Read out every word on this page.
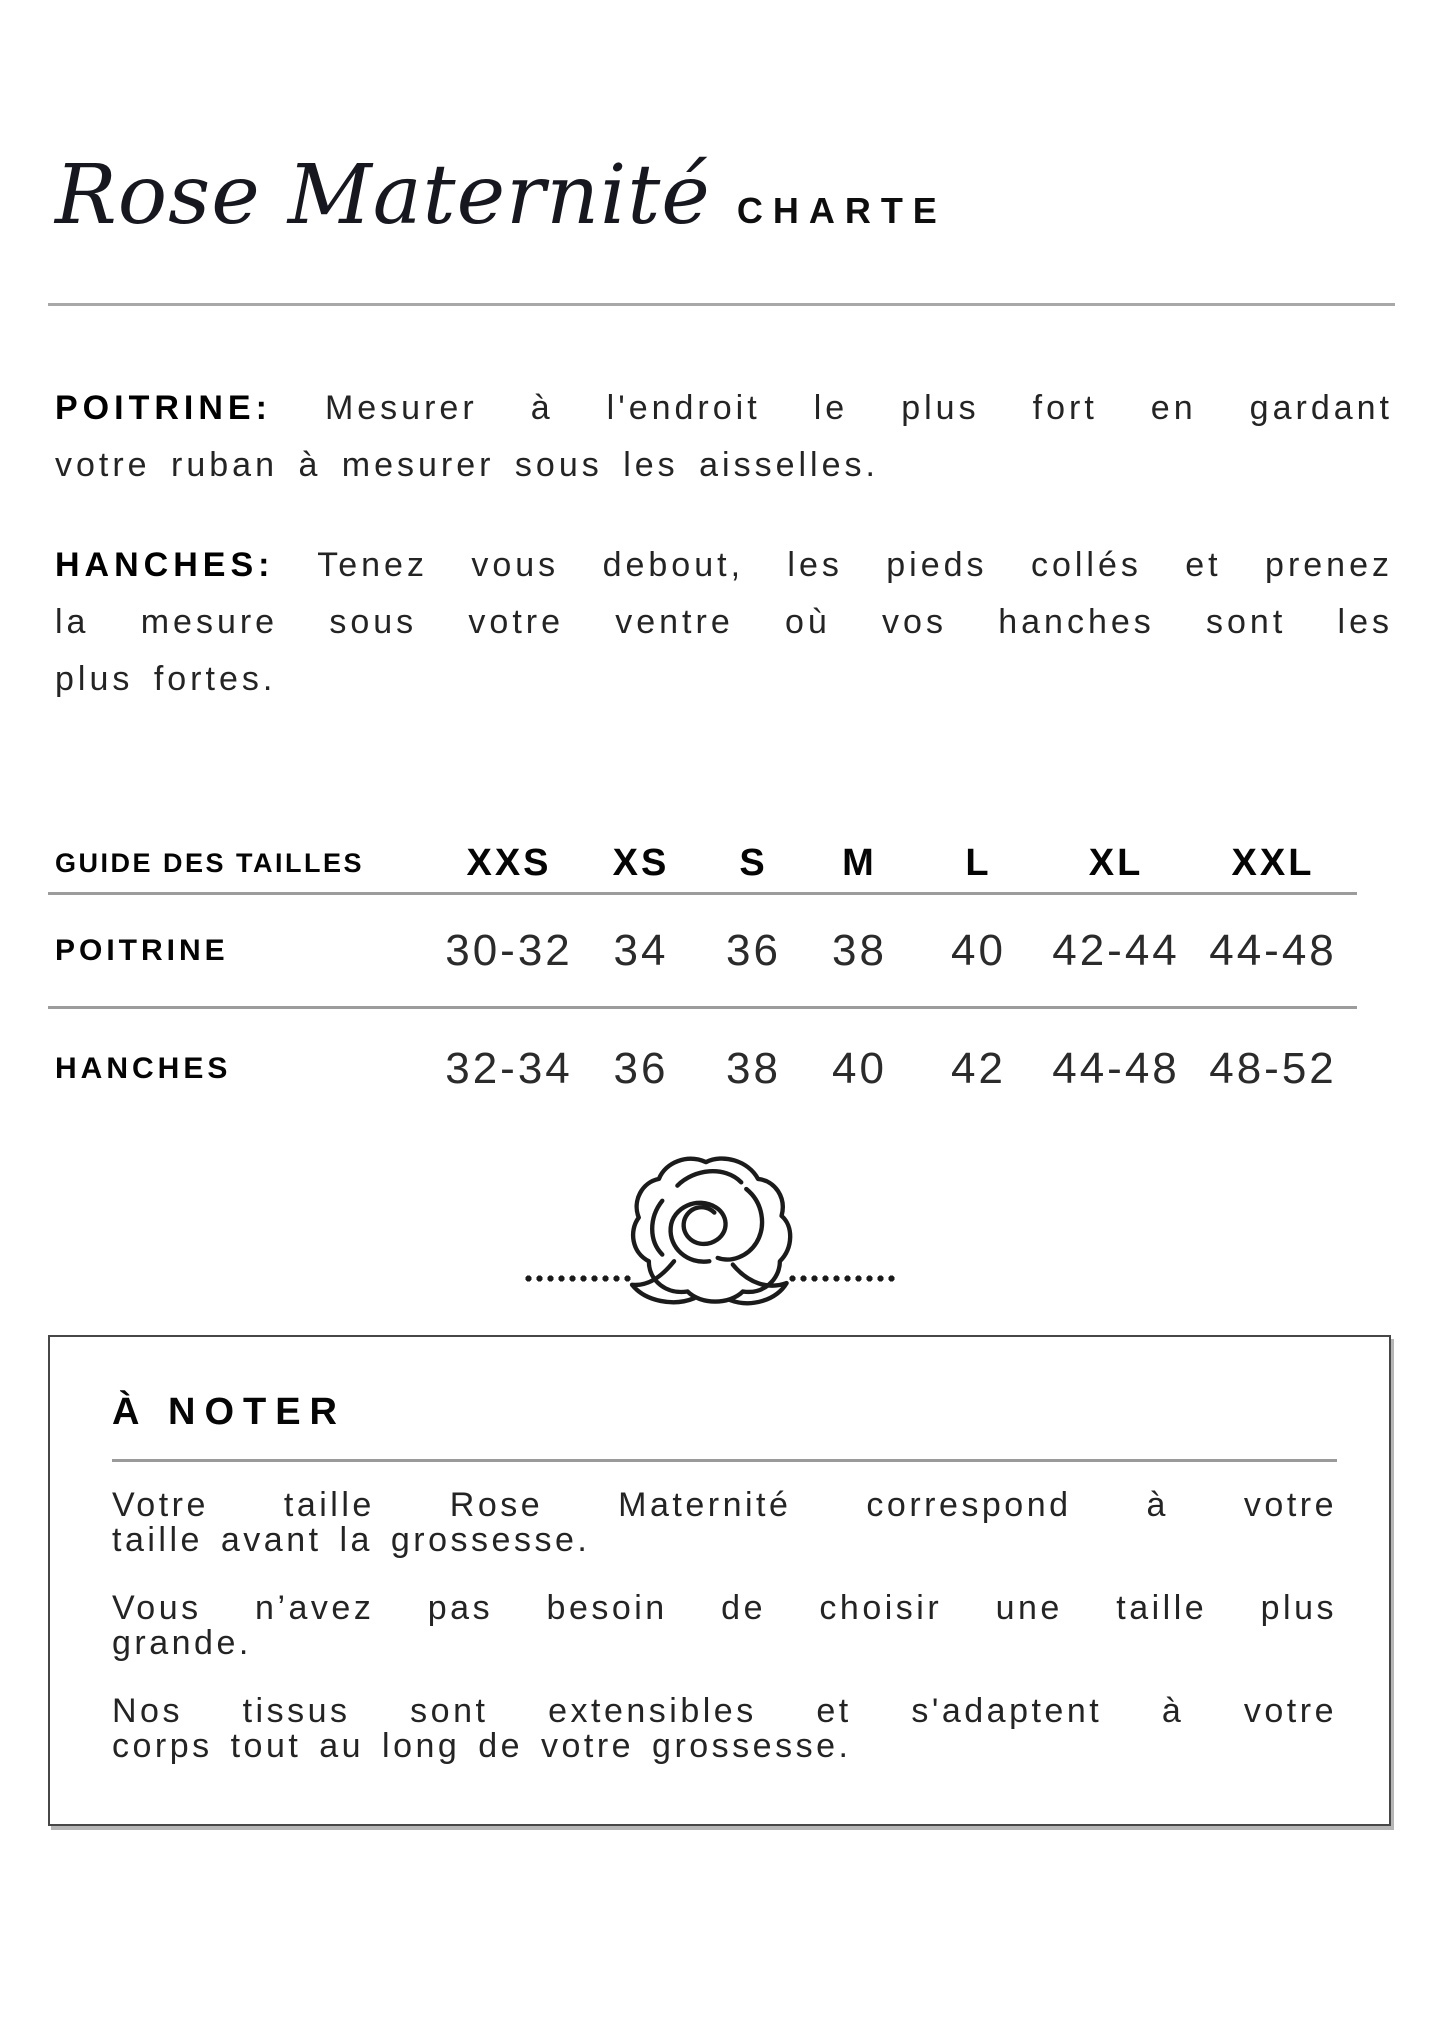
Rose Maternité CHARTE
POITRINE: Mesurer à l'endroit le plus fort en gardant
votre ruban à mesurer sous les aisselles.
HANCHES: Tenez vous debout, les pieds collés et prenez
la mesure sous votre ventre où vos hanches sont les
plus fortes.
GUIDE DES TAILLES	XXS	XS	S	M	L	XL	XXL
POITRINE	30-32 34	36	38	40	42-44 44-48
HANCHES	32-34 36	38	40	42	44-48 48-52
À NOTER
Votre taille Rose Maternité correspond à votre
taille avant la grossesse.
Vous n’avez pas besoin de choisir une taille plus
grande.
Nos tissus sont extensibles et s'adaptent à votre
corps tout au long de votre grossesse.
